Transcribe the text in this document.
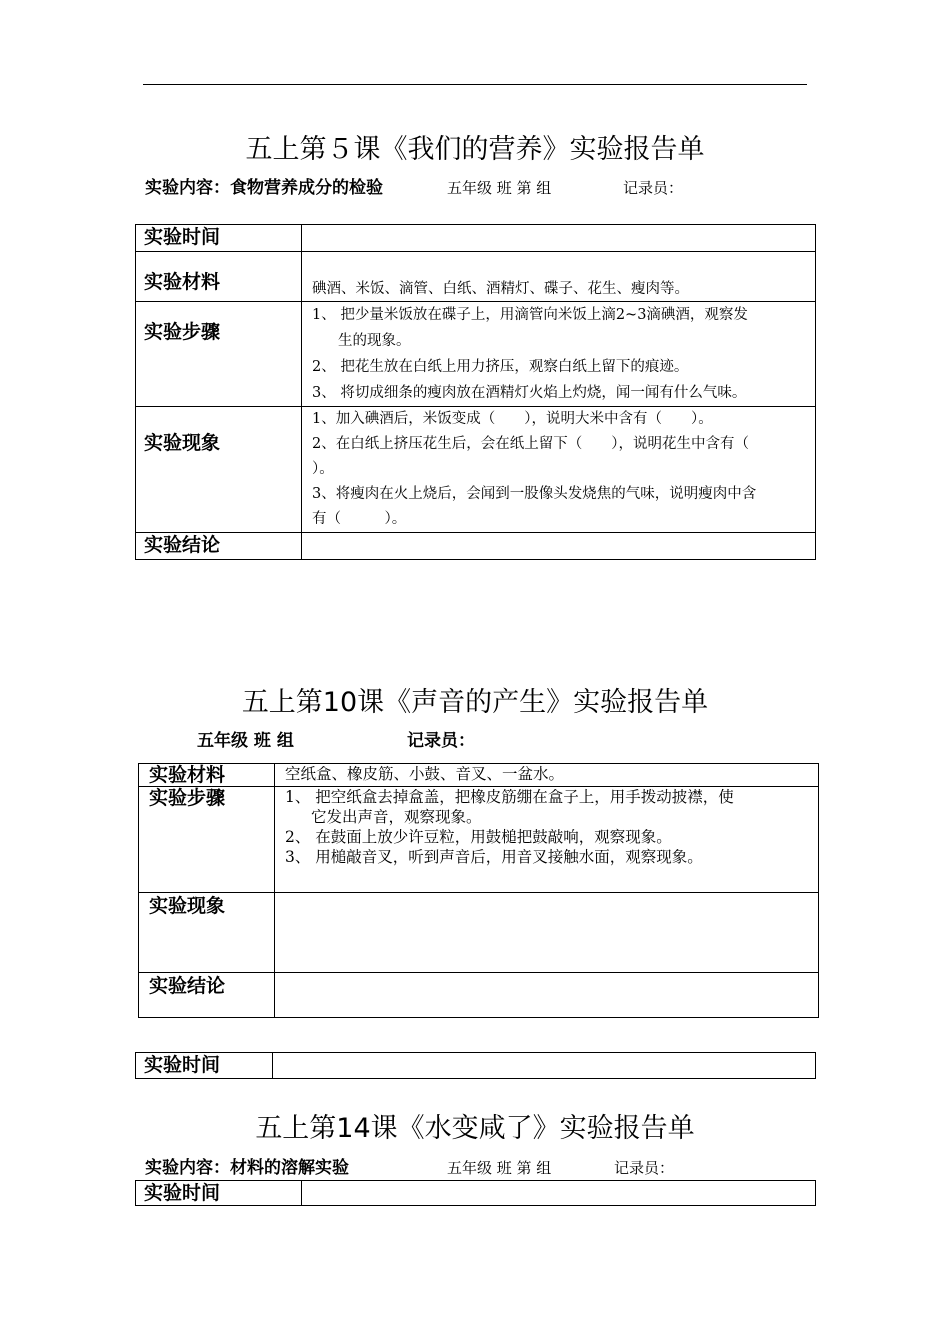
五上第５课《我们的营养》实验报告单
实验内容：食物营养成分的检验	五年级 班 第 组	记录员：
实验时间	
实验材料	碘酒、米饭、滴管、白纸、酒精灯、碟子、花生、瘦肉等。

实验步骤	1、 把少量米饭放在碟子上，用滴管向米饭上滴2~3滴碘酒，观察发
生的现象。
2、 把花生放在白纸上用力挤压，观察白纸上留下的痕迹。
3、 将切成细条的瘦肉放在酒精灯火焰上灼烧，闻一闻有什么气味。

实验现象	1、加入碘酒后，米饭变成（　　），说明大米中含有（　　）。
2、在白纸上挤压花生后，会在纸上留下（　　），说明花生中含有（
）。
3、将瘦肉在火上烧后，会闻到一股像头发烧焦的气味，说明瘦肉中含
有（　　　）。

实验结论	
五上第10课《声音的产生》实验报告单
五年级 班 组	记录员：
实验材料	空纸盒、橡皮筋、小鼓、音叉、一盆水。

实验步骤	1、 把空纸盒去掉盒盖，把橡皮筋绷在盒子上，用手拨动披襟，使
它发出声音，观察现象。
2、 在鼓面上放少许豆粒，用鼓槌把鼓敲响，观察现象。
3、 用槌敲音叉，听到声音后，用音叉接触水面，观察现象。

实验现象	
实验结论	
实验时间	
五上第14课《水变咸了》实验报告单
实验内容：材料的溶解实验	五年级 班 第 组	记录员：
实验时间	
